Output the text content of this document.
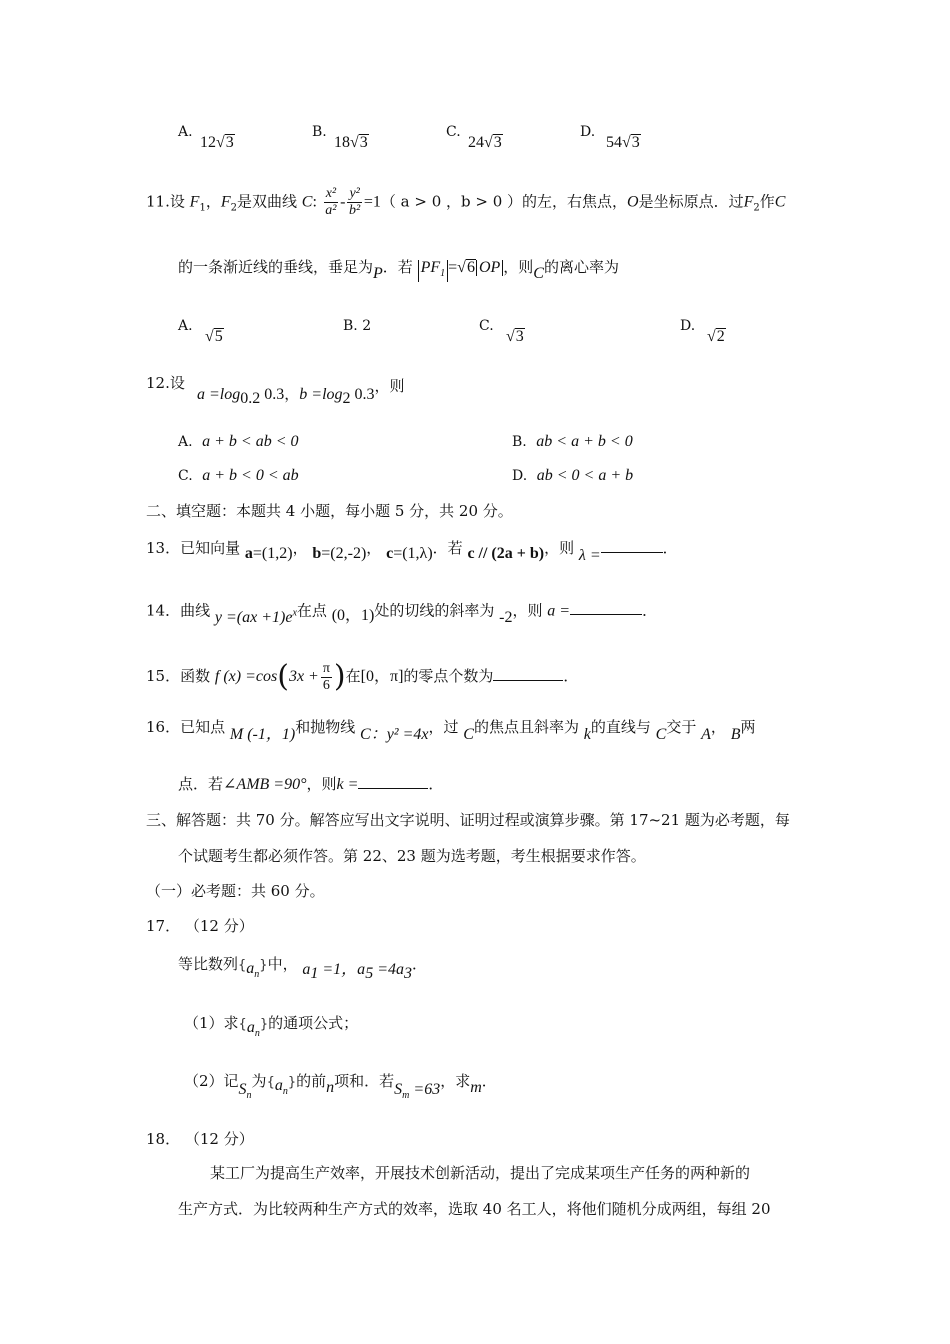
A.
12√3
B.
18√3
C.
24√3
D.
54√3
11.设 $F_1$，$F_2$是双曲线 C: $\frac{\text{x²}}{\text{a²}} - \frac{\text{y²}}{\text{b²}} =1$（ a > 0 ，b > 0 ）的左，右焦点，O是坐标原点．过$F_2$作C
的一条渐近线的垂线，垂足为P．若 $PF_1 =√6$ OP ，则C的离心率为
A.
√5
B. 2	C.
√3
D.
√2
12.设
$a =\log_{0.2}$ 0.3，$b =\log_2$ 0.3，则
A. a + b < ab < 0	B. ab < a + b < 0
C. a + b < 0 < ab	D. ab < 0 < a + b
二、填空题：本题共 4 小题，每小题 5 分，共 20 分。
13．已知向量 a=(1,2)， b=(2,-2)， c=(1,λ)．若 c // (2a + b)，则 λ =	．
14．曲线 $y =(ax +1)e^x$在点 (0，1)处的切线的斜率为 -2，则 a =	．
15．函数 f $(x) =\cos(3x + \frac{\pi}{6}$ )在[0，π]的零点个数为	．
16．已知点 M (-1，1)和抛物线 C：y² =4x，过 C的焦点且斜率为 k的直线与 C交于 A， B两
点．若∠AMB =90°，则k =	．
三、解答题：共 70 分。解答应写出文字说明、证明过程或演算步骤。第 17~21 题为必考题，每
个试题考生都必须作答。第 22、23 题为选考题，考生根据要求作答。
（一）必考题：共 60 分。
17． （12 分）
等比数列$\{a_n\}$中， $a_1 =1$，$a_5 =4a_3$．
（1）求$\{a_n\}$的通项公式；
（2）记$S_n$为$\{a_n\}$的前n项和．若$S_m =63$，求m．
18． （12 分）
某工厂为提高生产效率，开展技术创新活动，提出了完成某项生产任务的两种新的
生产方式．为比较两种生产方式的效率，选取 40 名工人，将他们随机分成两组，每组 20
